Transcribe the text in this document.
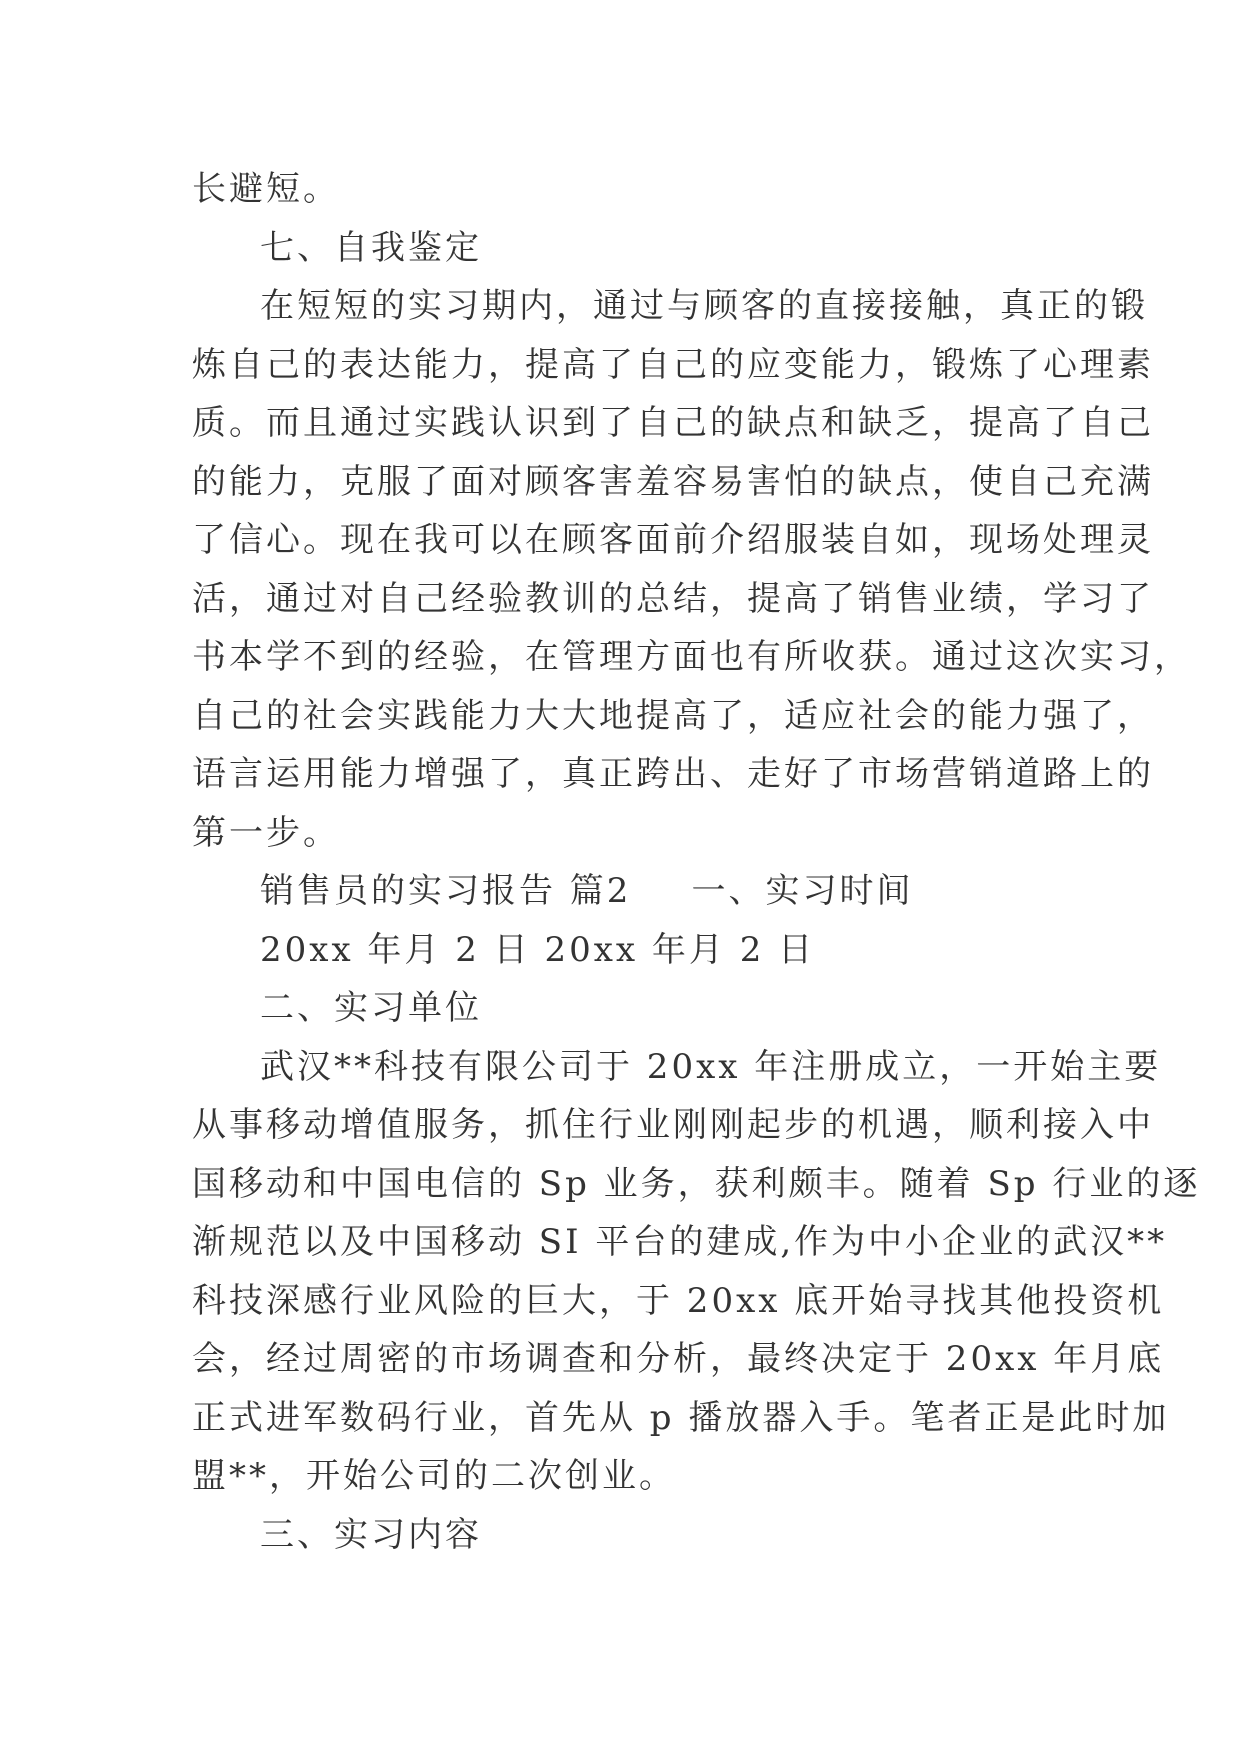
长避短。
七、自我鉴定
在短短的实习期内，通过与顾客的直接接触，真正的锻
炼自己的表达能力，提高了自己的应变能力，锻炼了心理素
质。而且通过实践认识到了自己的缺点和缺乏，提高了自己
的能力，克服了面对顾客害羞容易害怕的缺点，使自己充满
了信心。现在我可以在顾客面前介绍服装自如，现场处理灵
活，通过对自己经验教训的总结，提高了销售业绩，学习了
书本学不到的经验，在管理方面也有所收获。通过这次实习，
自己的社会实践能力大大地提高了，适应社会的能力强了，
语言运用能力增强了，真正跨出、走好了市场营销道路上的
第一步。
销售员的实习报告 篇2 一、实习时间
20xx 年月 2 日 20xx 年月 2 日
二、实习单位
武汉**科技有限公司于 20xx 年注册成立，一开始主要
从事移动增值服务，抓住行业刚刚起步的机遇，顺利接入中
国移动和中国电信的 Sp 业务，获利颇丰。随着 Sp 行业的逐
渐规范以及中国移动 SI 平台的建成,作为中小企业的武汉**
科技深感行业风险的巨大，于 20xx 底开始寻找其他投资机
会，经过周密的市场调查和分析，最终决定于 20xx 年月底
正式进军数码行业，首先从 p 播放器入手。笔者正是此时加
盟**，开始公司的二次创业。
三、实习内容
